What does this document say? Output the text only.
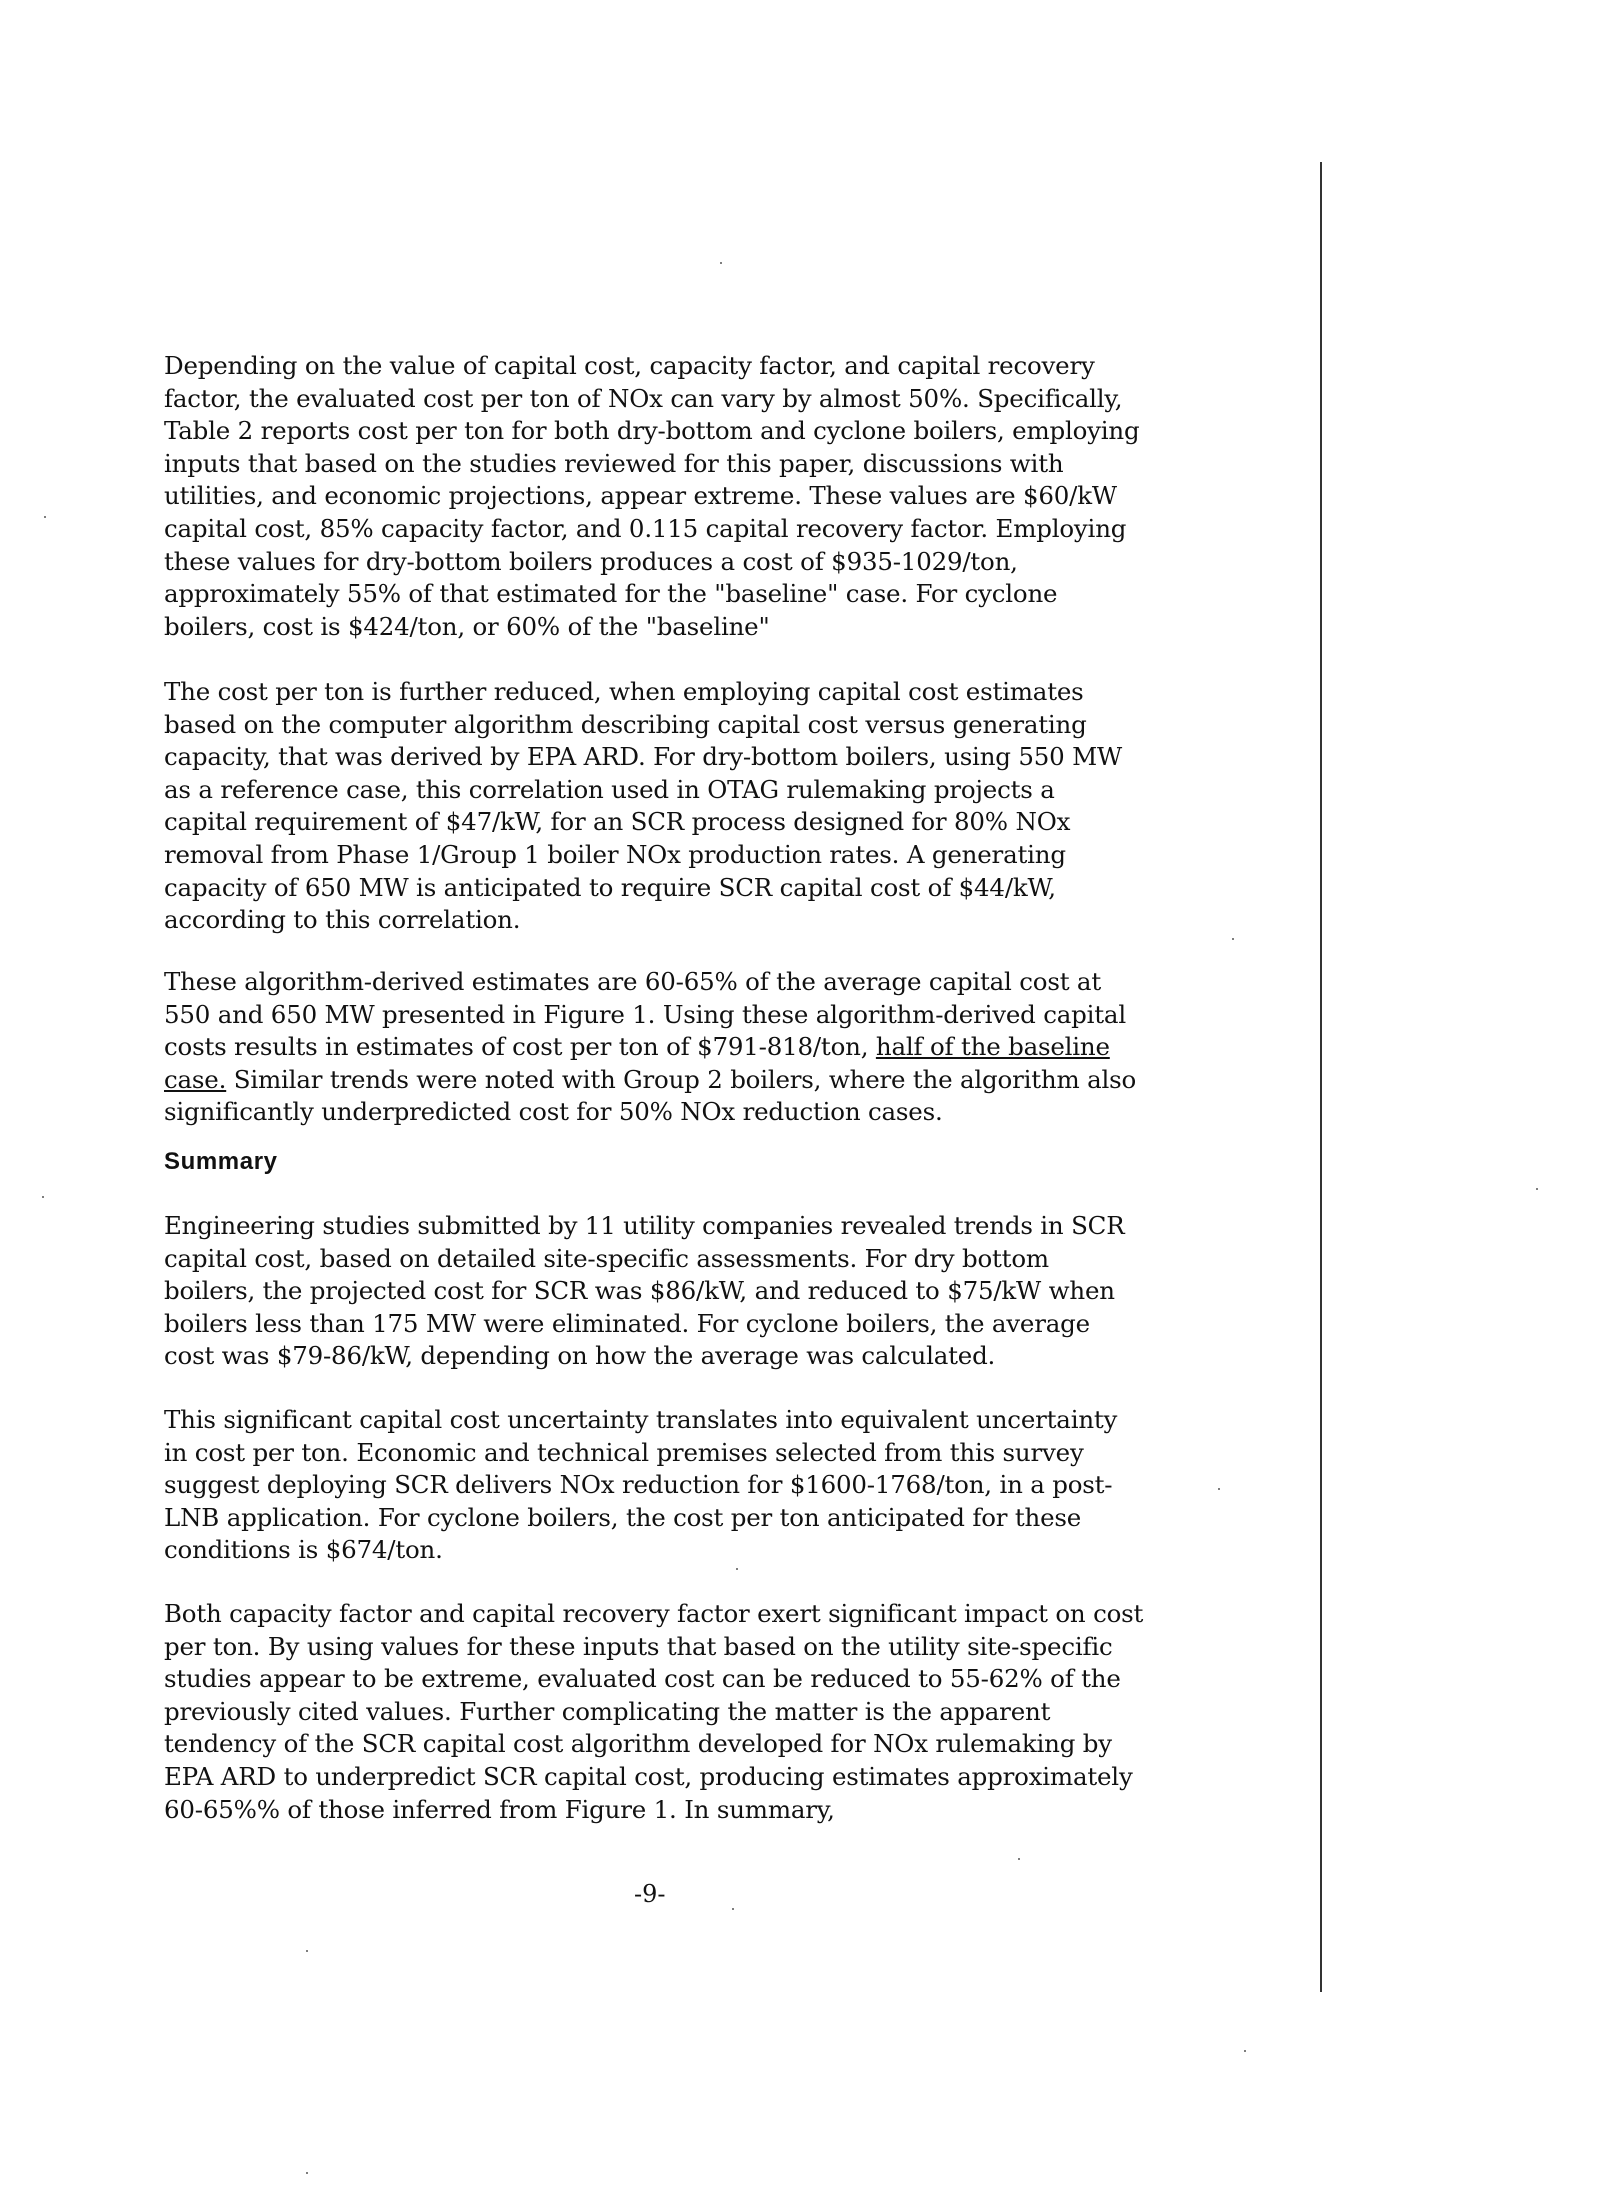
Depending on the value of capital cost, capacity factor, and capital recovery factor, the evaluated cost per ton of NOx can vary by almost 50%. Specifically, Table 2 reports cost per ton for both dry-bottom and cyclone boilers, employing inputs that based on the studies reviewed for this paper, discussions with utilities, and economic projections, appear extreme. These values are $60/kW capital cost, 85% capacity factor, and 0.115 capital recovery factor. Employing these values for dry-bottom boilers produces a cost of $935-1029/ton, approximately 55% of that estimated for the "baseline" case. For cyclone boilers, cost is $424/ton, or 60% of the "baseline"

The cost per ton is further reduced, when employing capital cost estimates based on the computer algorithm describing capital cost versus generating capacity, that was derived by EPA ARD. For dry-bottom boilers, using 550 MW as a reference case, this correlation used in OTAG rulemaking projects a capital requirement of $47/kW, for an SCR process designed for 80% NOx removal from Phase 1/Group 1 boiler NOx production rates. A generating capacity of 650 MW is anticipated to require SCR capital cost of $44/kW, according to this correlation.

These algorithm-derived estimates are 60-65% of the average capital cost at 550 and 650 MW presented in Figure 1. Using these algorithm-derived capital costs results in estimates of cost per ton of $791-818/ton, half of the baseline case. Similar trends were noted with Group 2 boilers, where the algorithm also significantly underpredicted cost for 50% NOx reduction cases.

Summary

Engineering studies submitted by 11 utility companies revealed trends in SCR capital cost, based on detailed site-specific assessments. For dry bottom boilers, the projected cost for SCR was $86/kW, and reduced to $75/kW when boilers less than 175 MW were eliminated. For cyclone boilers, the average cost was $79-86/kW, depending on how the average was calculated.

This significant capital cost uncertainty translates into equivalent uncertainty in cost per ton. Economic and technical premises selected from this survey suggest deploying SCR delivers NOx reduction for $1600-1768/ton, in a post-LNB application. For cyclone boilers, the cost per ton anticipated for these conditions is $674/ton.

Both capacity factor and capital recovery factor exert significant impact on cost per ton. By using values for these inputs that based on the utility site-specific studies appear to be extreme, evaluated cost can be reduced to 55-62% of the previously cited values. Further complicating the matter is the apparent tendency of the SCR capital cost algorithm developed for NOx rulemaking by EPA ARD to underpredict SCR capital cost, producing estimates approximately 60-65%% of those inferred from Figure 1. In summary,

-9-
